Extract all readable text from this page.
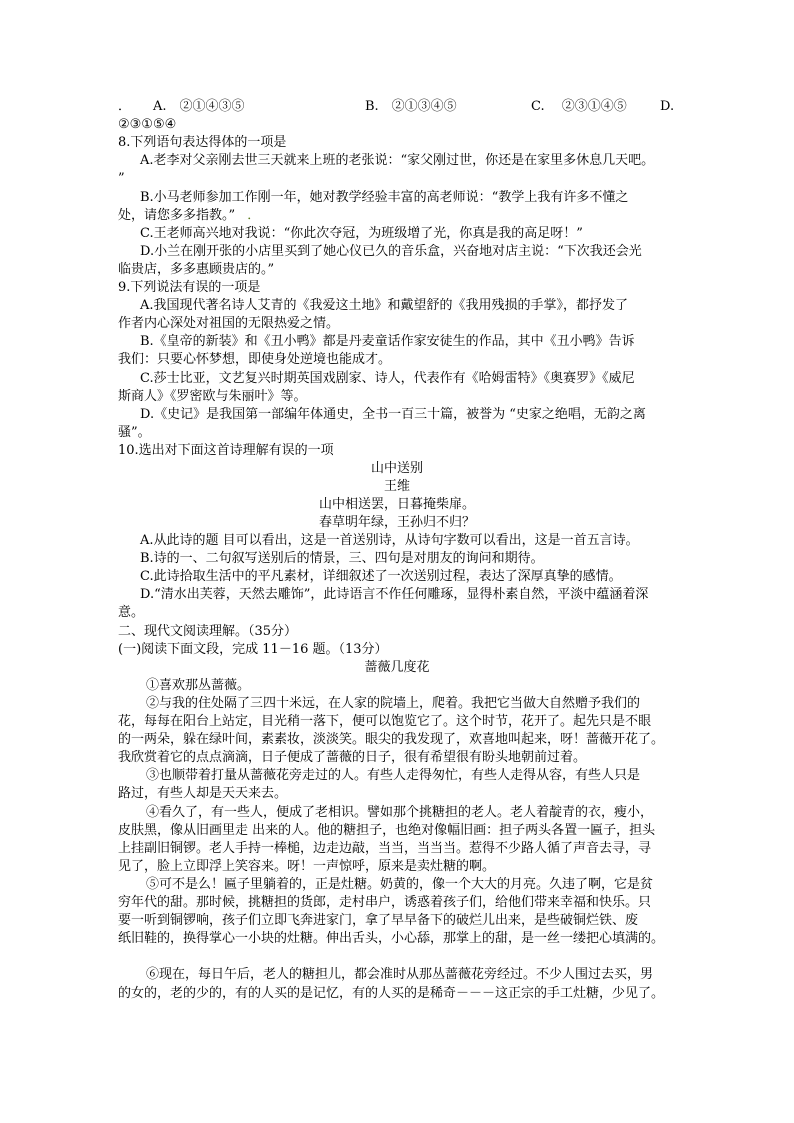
． A.　②①④③⑤	B.　②①③④⑤	C.　 ②③①④⑤	D.
②③①⑤④
8.下列语句表达得体的一项是
A.老李对父亲刚去世三天就来上班的老张说：“家父刚过世，你还是在家里多休息几天吧。
”
B.小马老师参加工作刚一年，她对教学经验丰富的高老师说：“教学上我有许多不懂之
处，请您多多指教。” ．
C.王老师高兴地对我说：“你此次夺冠，为班级增了光，你真是我的高足呀！”
D.小兰在刚开张的小店里买到了她心仪已久的音乐盒，兴奋地对店主说：“下次我还会光
临贵店，多多惠顾贵店的。”
9.下列说法有误的一项是
A.我国现代著名诗人艾青的《我爱这土地》和戴望舒的《我用残损的手掌》，都抒发了
作者内心深处对祖国的无限热爱之情。
B.《皇帝的新装》和《丑小鸭》都是丹麦童话作家安徒生的作品，其中《丑小鸭》告诉
我们：只要心怀梦想，即使身处逆境也能成才。
C.莎士比亚，文艺复兴时期英国戏剧家、诗人，代表作有《哈姆雷特》《奥赛罗》《威尼
斯商人》《罗密欧与朱丽叶》等。
D.《史记》是我国第一部编年体通史，全书一百三十篇，被誉为 “史家之绝唱，无韵之离
骚”。
10.选出对下面这首诗理解有误的一项
山中送别
王维
山中相送罢，日暮掩柴扉。
春草明年绿，王孙归不归？
A.从此诗的题 目可以看出，这是一首送别诗，从诗句字数可以看出，这是一首五言诗。
B.诗的一、二句叙写送别后的情景，三、四句是对朋友的询问和期待。
C.此诗拾取生活中的平凡素材，详细叙述了一次送别过程，表达了深厚真挚的感情。
D.“清水出芙蓉，天然去雕饰”，此诗语言不作任何雕琢，显得朴素自然，平淡中蕴涵着深
意。
二、现代文阅读理解。（35分）
(一)阅读下面文段，完成 11－16 题。（13分）
蔷薇几度花
①喜欢那丛蔷薇。
②与我的住处隔了三四十米远，在人家的院墙上，爬着。我把它当做大自然赠予我们的
花，每每在阳台上站定，目光稍一落下，便可以饱览它了。这个时节，花开了。起先只是不眼
的一两朵，躲在绿叶间，素素妆，淡淡笑。眼尖的我发现了，欢喜地叫起来，呀！蔷薇开花了。
我欣赏着它的点点滴滴，日子便成了蔷薇的日子，很有希望很有盼头地朝前过着。
③也顺带着打量从蔷薇花旁走过的人。有些人走得匆忙，有些人走得从容，有些人只是
路过，有些人却是天天来去。
④看久了，有一些人，便成了老相识。譬如那个挑糖担的老人。老人着靛青的衣，瘦小，
皮肤黑，像从旧画里走 出来的人。他的糖担子，也绝对像幅旧画：担子两头各置一匾子，担头
上挂副旧铜锣。老人手持一棒槌，边走边敲，当当，当当当。惹得不少路人循了声音去寻，寻
见了，脸上立即浮上笑容来。呀！一声惊呼，原来是卖灶糖的啊。
⑤可不是么！匾子里躺着的，正是灶糖。奶黄的，像一个大大的月亮。久违了啊，它是贫
穷年代的甜。那时候，挑糖担的货郎，走村串户，诱惑着孩子们，给他们带来幸福和快乐。只
要一听到铜锣响，孩子们立即飞奔进家门，拿了早早备下的破烂儿出来，是些破铜烂铁、废
纸旧鞋的，换得掌心一小块的灶糖。伸出舌头，小心舔，那掌上的甜，是一丝一缕把心填满的。
⑥现在，每日午后，老人的糖担儿，都会准时从那丛蔷薇花旁经过。不少人围过去买，男
的女的，老的少的，有的人买的是记忆，有的人买的是稀奇－－－这正宗的手工灶糖，少见了。
